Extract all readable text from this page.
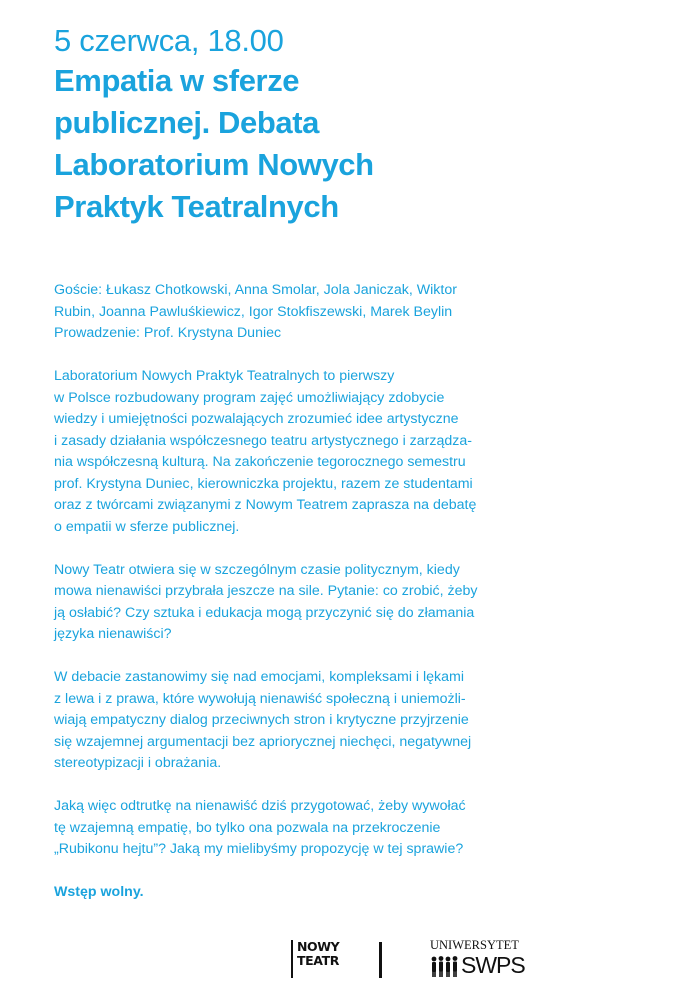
5 czerwca, 18.00
Empatia w sferze
publicznej. Debata
Laboratorium Nowych
Praktyk Teatralnych

Goście: Łukasz Chotkowski, Anna Smolar, Jola Janiczak, Wiktor
Rubin, Joanna Pawluśkiewicz, Igor Stokfiszewski, Marek Beylin
Prowadzenie: Prof. Krystyna Duniec

Laboratorium Nowych Praktyk Teatralnych to pierwszy
w Polsce rozbudowany program zajęć umożliwiający zdobycie
wiedzy i umiejętności pozwalających zrozumieć idee artystyczne
i zasady działania współczesnego teatru artystycznego i zarządza-
nia współczesną kulturą. Na zakończenie tegorocznego semestru
prof. Krystyna Duniec, kierowniczka projektu, razem ze studentami
oraz z twórcami związanymi z Nowym Teatrem zaprasza na debatę
o empatii w sferze publicznej.

Nowy Teatr otwiera się w szczególnym czasie politycznym, kiedy
mowa nienawiści przybrała jeszcze na sile. Pytanie: co zrobić, żeby
ją osłabić? Czy sztuka i edukacja mogą przyczynić się do złamania
języka nienawiści?

W debacie zastanowimy się nad emocjami, kompleksami i lękami
z lewa i z prawa, które wywołują nienawiść społeczną i uniemożli-
wiają empatyczny dialog przeciwnych stron i krytyczne przyjrzenie
się wzajemnej argumentacji bez apriorycznej niechęci, negatywnej
stereotypizacji i obrażania.

Jaką więc odtrutkę na nienawiść dziś przygotować, żeby wywołać
tę wzajemną empatię, bo tylko ona pozwala na przekroczenie
„Rubikonu hejtu”? Jaką my mielibyśmy propozycję w tej sprawie?

Wstęp wolny.

NOWY
TEATR
UNIWERSYTET
SWPS
